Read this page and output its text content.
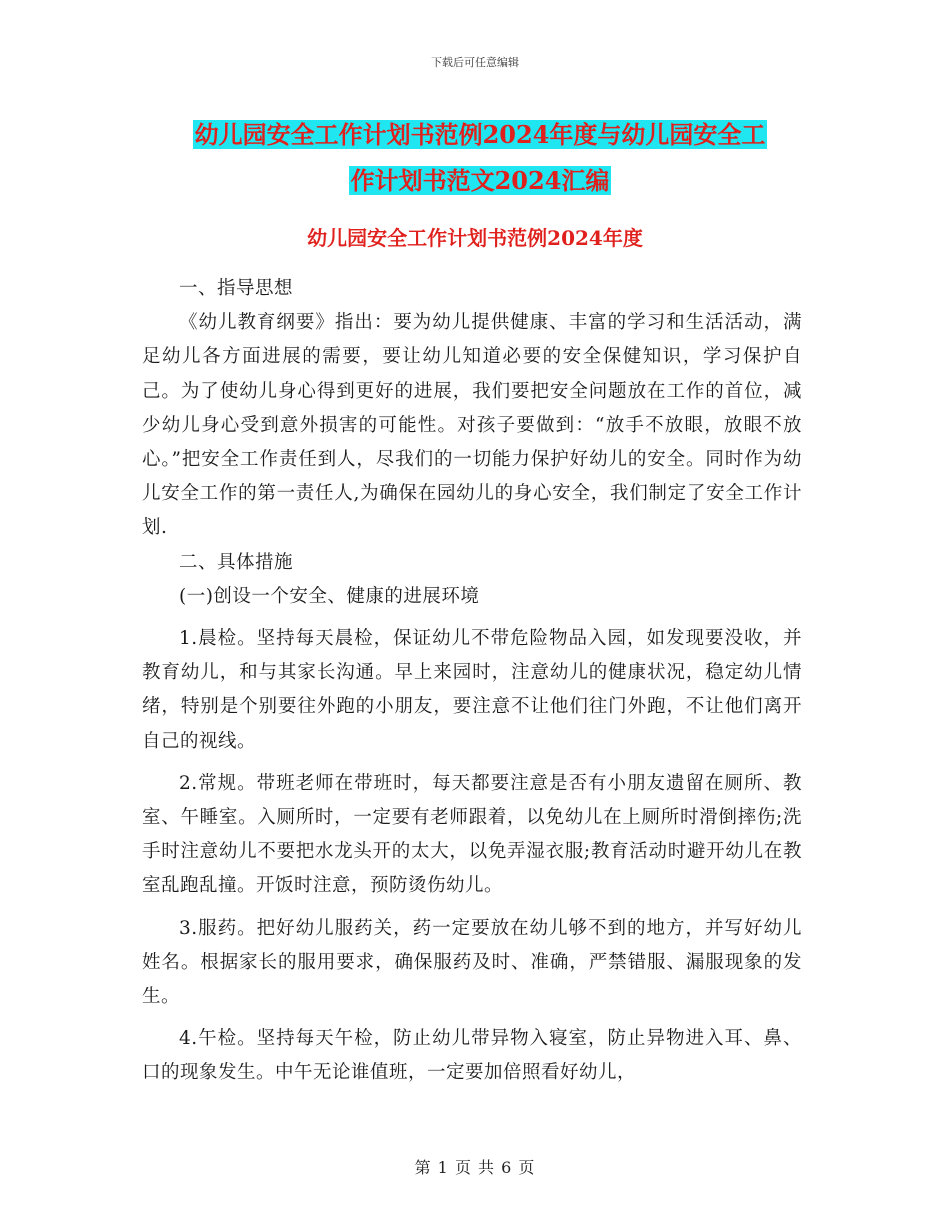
下载后可任意编辑
幼儿园安全工作计划书范例2024年度与幼儿园安全工
作计划书范文2024汇编
幼儿园安全工作计划书范例2024年度

一、指导思想

《幼儿教育纲要》指出：要为幼儿提供健康、丰富的学习和生活活动，满足幼儿各方面进展的需要，要让幼儿知道必要的安全保健知识，学习保护自己。为了使幼儿身心得到更好的进展，我们要把安全问题放在工作的首位，减少幼儿身心受到意外损害的可能性。对孩子要做到：“放手不放眼，放眼不放心。”把安全工作责任到人，尽我们的一切能力保护好幼儿的安全。同时作为幼儿安全工作的第一责任人,为确保在园幼儿的身心安全，我们制定了安全工作计划.

二、具体措施

(一)创设一个安全、健康的进展环境

1.晨检。坚持每天晨检，保证幼儿不带危险物品入园，如发现要没收，并教育幼儿，和与其家长沟通。早上来园时，注意幼儿的健康状况，稳定幼儿情绪，特别是个别要往外跑的小朋友，要注意不让他们往门外跑，不让他们离开自己的视线。

2.常规。带班老师在带班时，每天都要注意是否有小朋友遗留在厕所、教室、午睡室。入厕所时，一定要有老师跟着，以免幼儿在上厕所时滑倒摔伤;洗手时注意幼儿不要把水龙头开的太大，以免弄湿衣服;教育活动时避开幼儿在教室乱跑乱撞。开饭时注意，预防烫伤幼儿。

3.服药。把好幼儿服药关，药一定要放在幼儿够不到的地方，并写好幼儿姓名。根据家长的服用要求，确保服药及时、准确，严禁错服、漏服现象的发生。

4.午检。坚持每天午检，防止幼儿带异物入寝室，防止异物进入耳、鼻、口的现象发生。中午无论谁值班，一定要加倍照看好幼儿，

第 1 页 共 6 页
